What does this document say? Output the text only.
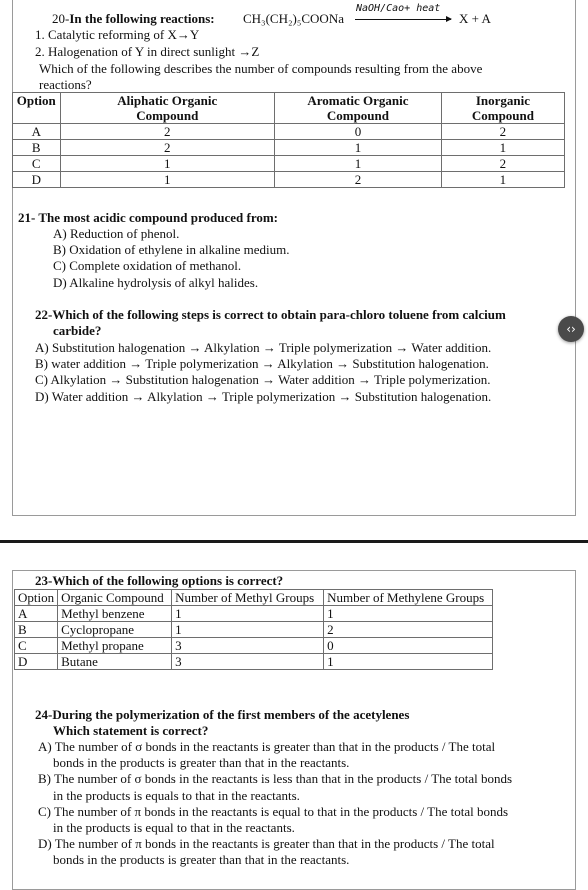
20-In the following reactions: CH₃(CH₂)₅COONa
NaOH/Cao+ heat
X + A
1. Catalytic reforming of X→Y
2. Halogenation of Y in direct sunlight →Z
Which of the following describes the number of compounds resulting from the above
reactions?
Option	Aliphatic Organic Compound	Aromatic Organic Compound	Inorganic Compound
A	2	0	2
B	2	1	1
C	1	1	2
D	1	2	1
21- The most acidic compound produced from:
A) Reduction of phenol.
B) Oxidation of ethylene in alkaline medium.
C) Complete oxidation of methanol.
D) Alkaline hydrolysis of alkyl halides.
22-Which of the following steps is correct to obtain para-chloro toluene from calcium
carbide?
A) Substitution halogenation → Alkylation → Triple polymerization → Water addition.
B) water addition → Triple polymerization → Alkylation → Substitution halogenation.
C) Alkylation → Substitution halogenation → Water addition → Triple polymerization.
D) Water addition → Alkylation → Triple polymerization → Substitution halogenation.
‹›
23-Which of the following options is correct?
Option	Organic Compound	Number of Methyl Groups	Number of Methylene Groups
A	Methyl benzene	1	1
B	Cyclopropane	1	2
C	Methyl propane	3	0
D	Butane	3	1
24-During the polymerization of the first members of the acetylenes
Which statement is correct?
A) The number of σ bonds in the reactants is greater than that in the products / The total
bonds in the products is greater than that in the reactants.
B) The number of σ bonds in the reactants is less than that in the products / The total bonds
in the products is equals to that in the reactants.
C) The number of π bonds in the reactants is equal to that in the products / The total bonds
in the products is equal to that in the reactants.
D) The number of π bonds in the reactants is greater than that in the products / The total
bonds in the products is greater than that in the reactants.
